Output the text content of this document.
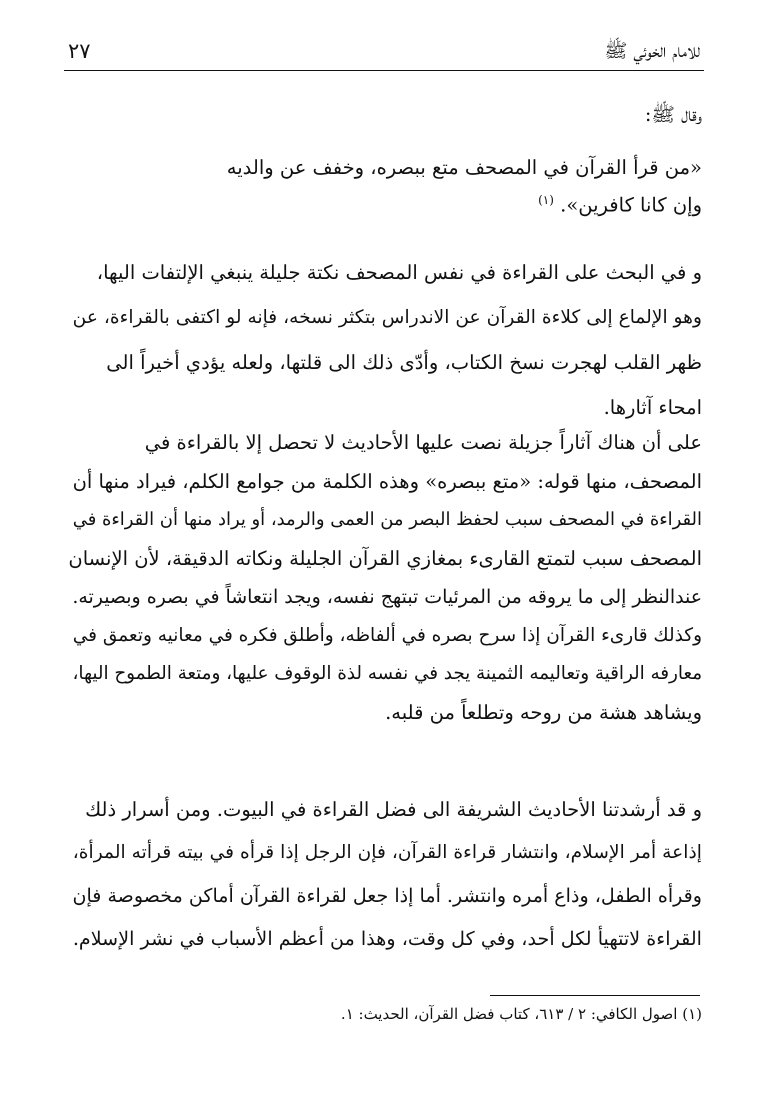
للامام الخوئي ﷺ
٢٧
وقال ﷺ:
«من قرأ القرآن في المصحف متع ببصره، وخفف عن والديه
وإن كانا كافرين». $^{(١)}$
و في البحث على القراءة في نفس المصحف نكتة جليلة ينبغي الإلتفات اليها،
وهو الإلماع إلى كلاءة القرآن عن الاندراس بتكثر نسخه، فإنه لو اكتفى بالقراءة، عن
ظهر القلب لهجرت نسخ الكتاب، وأدّى ذلك الى قلتها، ولعله يؤدي أخيراً الى
امحاء آثارها.
على أن هناك آثاراً جزيلة نصت عليها الأحاديث لا تحصل إلا بالقراءة في
المصحف، منها قوله: «متع ببصره» وهذه الكلمة من جوامع الكلم، فيراد منها أن
القراءة في المصحف سبب لحفظ البصر من العمى والرمد، أو يراد منها أن القراءة في
المصحف سبب لتمتع القارىء بمغازي القرآن الجليلة ونكاته الدقيقة، لأن الإنسان
عندالنظر إلى ما يروقه من المرئيات تبتهج نفسه، ويجد انتعاشاً في بصره وبصيرته.
وكذلك قارىء القرآن إذا سرح بصره في ألفاظه، وأطلق فكره في معانيه وتعمق في
معارفه الراقية وتعاليمه الثمينة يجد في نفسه لذة الوقوف عليها، ومتعة الطموح اليها،
ويشاهد هشة من روحه وتطلعاً من قلبه.
و قد أرشدتنا الأحاديث الشريفة الى فضل القراءة في البيوت. ومن أسرار ذلك
إذاعة أمر الإسلام، وانتشار قراءة القرآن، فإن الرجل إذا قرأه في بيته قرأته المرأة،
وقرأه الطفل، وذاع أمره وانتشر. أما إذا جعل لقراءة القرآن أماكن مخصوصة فإن
القراءة لاتتهيأ لكل أحد، وفي كل وقت، وهذا من أعظم الأسباب في نشر الإسلام.
(١) اصول الكافي: ٢ / ٦١٣، كتاب فضل القرآن، الحديث: ١.
